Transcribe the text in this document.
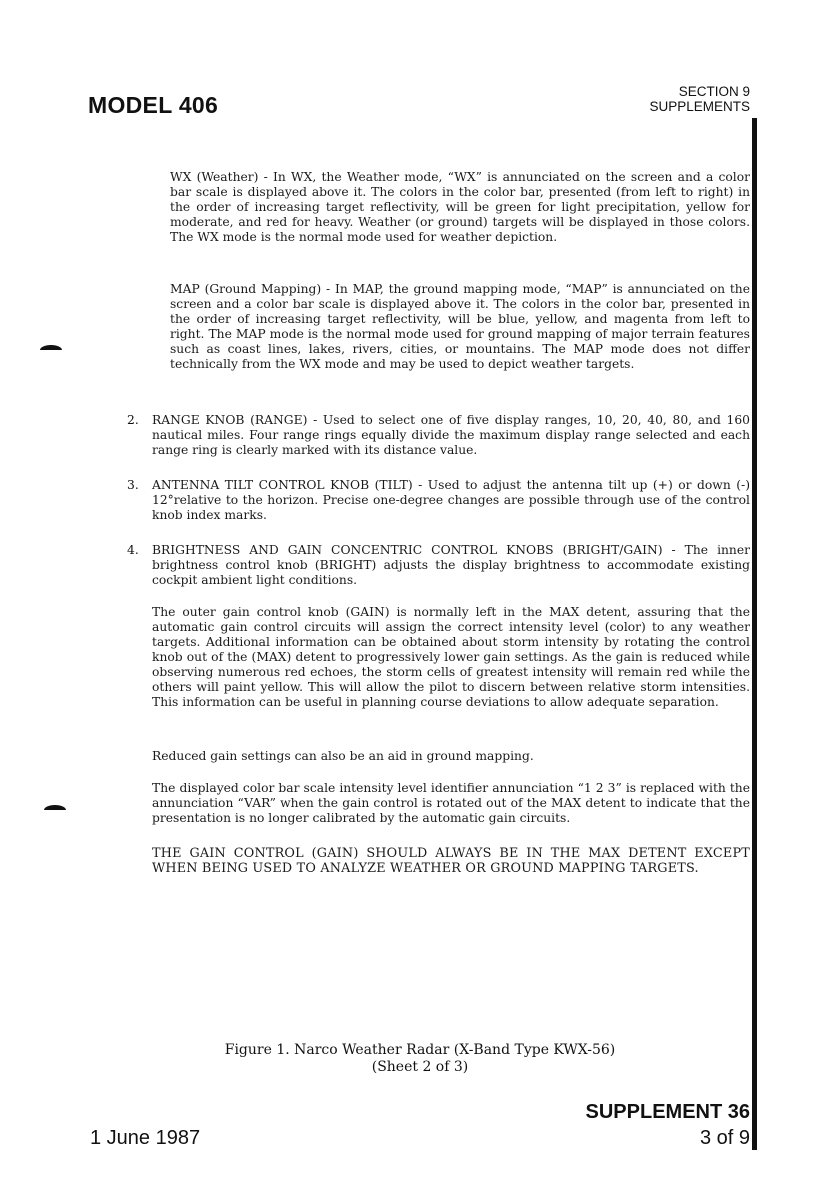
MODEL 406
SECTION 9
SUPPLEMENTS
WX (Weather) - In WX, the Weather mode, “WX” is annunciated on the screen and a color bar scale is displayed above it. The colors in the color bar, presented (from left to right) in the order of increasing target reflectivity, will be green for light precipitation, yellow for moderate, and red for heavy. Weather (or ground) targets will be displayed in those colors. The WX mode is the normal mode used for weather depiction.
MAP (Ground Mapping) - In MAP, the ground mapping mode, “MAP” is annunciated on the screen and a color bar scale is displayed above it. The colors in the color bar, presented in the order of increasing target reflectivity, will be blue, yellow, and magenta from left to right. The MAP mode is the normal mode used for ground mapping of major terrain features such as coast lines, lakes, rivers, cities, or mountains. The MAP mode does not differ technically from the WX mode and may be used to depict weather targets.
2. RANGE KNOB (RANGE) - Used to select one of five display ranges, 10, 20, 40, 80, and 160 nautical miles. Four range rings equally divide the maximum display range selected and each range ring is clearly marked with its distance value.
3. ANTENNA TILT CONTROL KNOB (TILT) - Used to adjust the antenna tilt up (+) or down (-) 12°relative to the horizon. Precise one-degree changes are possible through use of the control knob index marks.
4. BRIGHTNESS AND GAIN CONCENTRIC CONTROL KNOBS (BRIGHT/GAIN) - The inner brightness control knob (BRIGHT) adjusts the display brightness to accommodate existing cockpit ambient light conditions.
The outer gain control knob (GAIN) is normally left in the MAX detent, assuring that the automatic gain control circuits will assign the correct intensity level (color) to any weather targets. Additional information can be obtained about storm intensity by rotating the control knob out of the (MAX) detent to progressively lower gain settings. As the gain is reduced while observing numerous red echoes, the storm cells of greatest intensity will remain red while the others will paint yellow. This will allow the pilot to discern between relative storm intensities. This information can be useful in planning course deviations to allow adequate separation.
Reduced gain settings can also be an aid in ground mapping.
The displayed color bar scale intensity level identifier annunciation “1 2 3” is replaced with the annunciation “VAR” when the gain control is rotated out of the MAX detent to indicate that the presentation is no longer calibrated by the automatic gain circuits.
THE GAIN CONTROL (GAIN) SHOULD ALWAYS BE IN THE MAX DETENT EXCEPT WHEN BEING USED TO ANALYZE WEATHER OR GROUND MAPPING TARGETS.
Figure 1. Narco Weather Radar (X-Band Type KWX-56)
(Sheet 2 of 3)
SUPPLEMENT 36
3 of 9
1 June 1987
